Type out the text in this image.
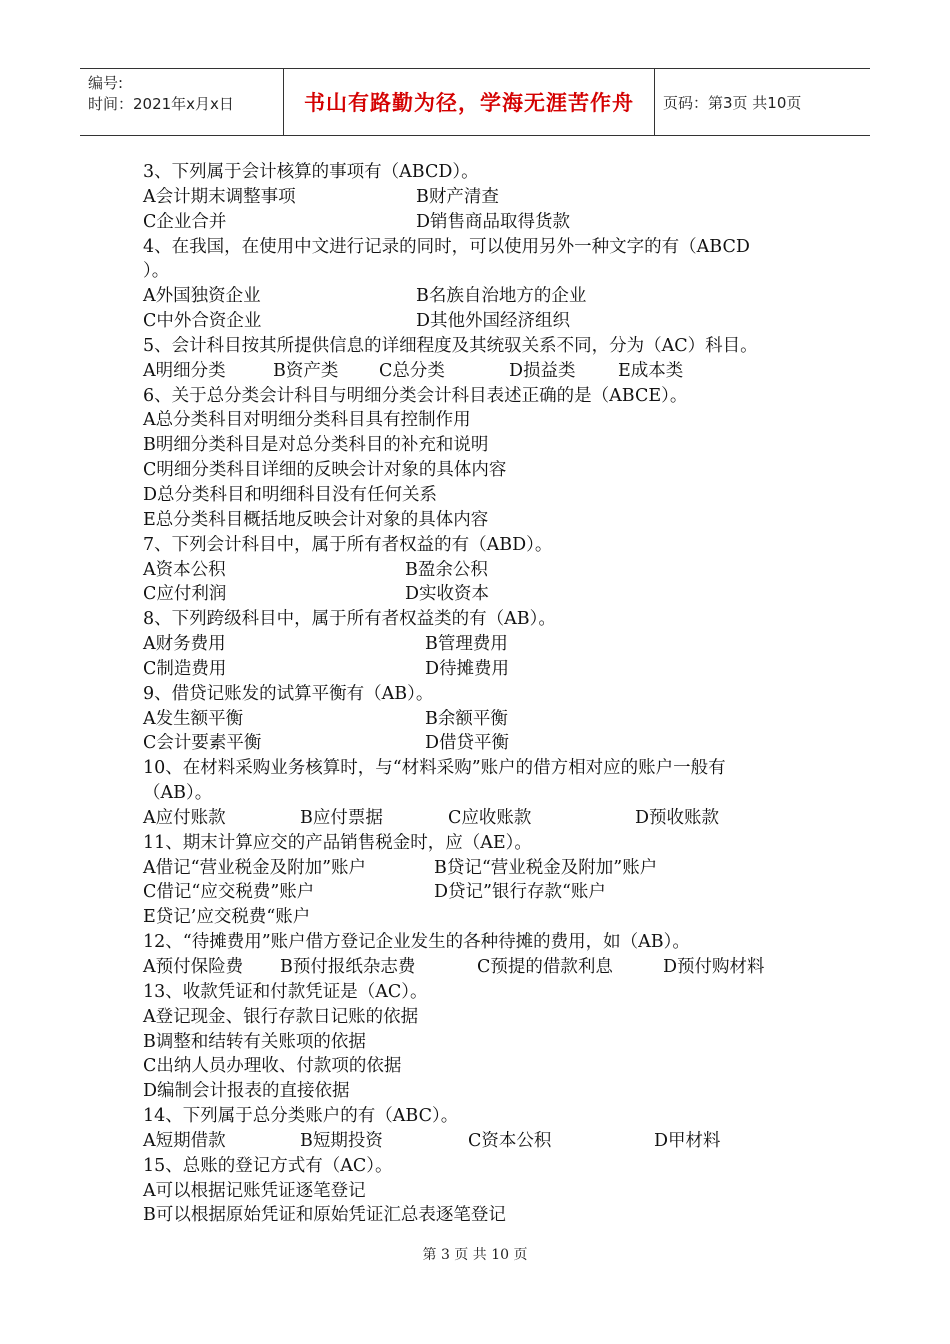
编号:
时间：2021年x月x日	书山有路勤为径，学海无涯苦作舟	页码：第3页 共10页
3、下列属于会计核算的事项有（ABCD）。
A会计期末调整事项	B财产清查
C企业合并	D销售商品取得货款
4、在我国，在使用中文进行记录的同时，可以使用另外一种文字的有（ABCD
）。
A外国独资企业	B名族自治地方的企业
C中外合资企业	D其他外国经济组织
5、会计科目按其所提供信息的详细程度及其统驭关系不同，分为（AC）科目。
A明细分类	B资产类 C总分类	D损益类 E成本类
6、关于总分类会计科目与明细分类会计科目表述正确的是（ABCE）。
A总分类科目对明细分类科目具有控制作用
B明细分类科目是对总分类科目的补充和说明
C明细分类科目详细的反映会计对象的具体内容
D总分类科目和明细科目没有任何关系
E总分类科目概括地反映会计对象的具体内容
7、下列会计科目中，属于所有者权益的有（ABD）。
A资本公积	B盈余公积
C应付利润	D实收资本
8、下列跨级科目中，属于所有者权益类的有（AB）。
A财务费用	B管理费用
C制造费用	D待摊费用
9、借贷记账发的试算平衡有（AB）。
A发生额平衡	B余额平衡
C会计要素平衡	D借贷平衡
10、在材料采购业务核算时，与“材料采购”账户的借方相对应的账户一般有
（AB）。
A应付账款	B应付票据	C应收账款	D预收账款
11、期末计算应交的产品销售税金时，应（AE）。
A借记“营业税金及附加”账户	B贷记“营业税金及附加”账户
C借记“应交税费”账户	D贷记”银行存款“账户
E贷记’应交税费“账户
12、“待摊费用”账户借方登记企业发生的各种待摊的费用，如（AB）。
A预付保险费 B预付报纸杂志费	C预提的借款利息	D预付购材料
13、收款凭证和付款凭证是（AC）。
A登记现金、银行存款日记账的依据
B调整和结转有关账项的依据
C出纳人员办理收、付款项的依据
D编制会计报表的直接依据
14、下列属于总分类账户的有（ABC）。
A短期借款	B短期投资	C资本公积	D甲材料
15、总账的登记方式有（AC）。
A可以根据记账凭证逐笔登记
B可以根据原始凭证和原始凭证汇总表逐笔登记
第 3 页 共 10 页
